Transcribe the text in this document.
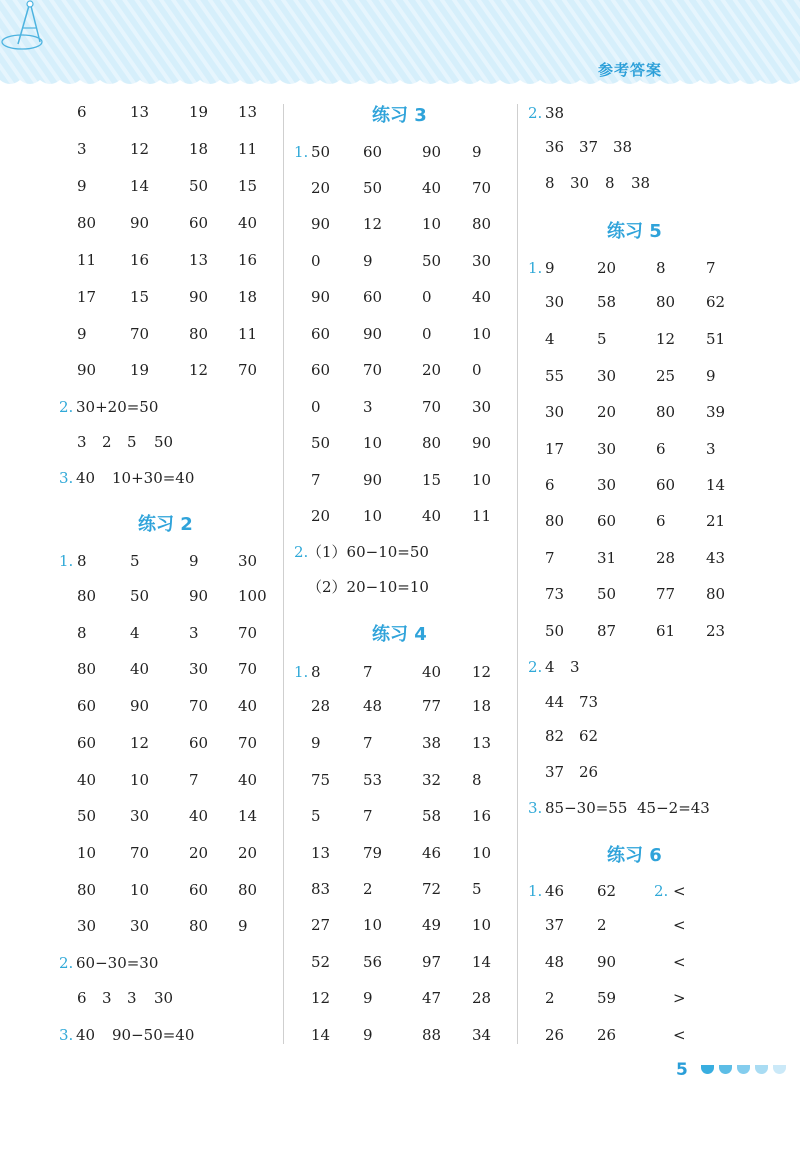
参考答案
6	13	19 13
3	12	18 11
9	14	50 15
80 90	60 40
11 16	13 16
17 15	90 18
9	70	80 11
90 19	12 70
2. 30+20=50
3 2 5 50
3. 40 10+30=40
练习 2
1. 8	5	9	30
80 50	90 100
8	4	3	70
80 40	30 70
60 90	70 40
60 12	60 70
40 10	7	40
50 30	40 14
10 70	20 20
80 10	60 80
30 30	80 9
2. 60−30=30
6 3 3 30
3. 40 90−50=40
练习 3
1. 50 60	90 9
20 50	40 70
90 12	10 80
0	9	50 30
90 60	0	40
60 90	0	10
60 70	20 0
0	3	70 30
50 10	80 90
7	90	15 10
20 10	40 11
2.
（1）60−10=50
（2）20−10=10
练习 4
1. 8	7	40 12
28 48	77 18
9	7	38 13
75 53	32 8
5	7	58 16
13 79	46 10
83 2	72 5
27 10	49 10
52 56	97 14
12 9	47 28
14 9	88 34
2. 38
36 37 38
8 30 8 38
练习 5
1. 9	20	8	7
30 58	80 62
4	5	12 51
55 30	25 9
30 20	80 39
17 30	6	3
6	30	60 14
80 60	6	21
7	31	28 43
73 50	77 80
50 87	61 23
2. 4 3
44 73
82 62
37 26
3. 85−30=55 45−2=43
练习 6
1.	2.
46 62	<
37 2	<
48 90	<
2	59	>
26 26	<
5
